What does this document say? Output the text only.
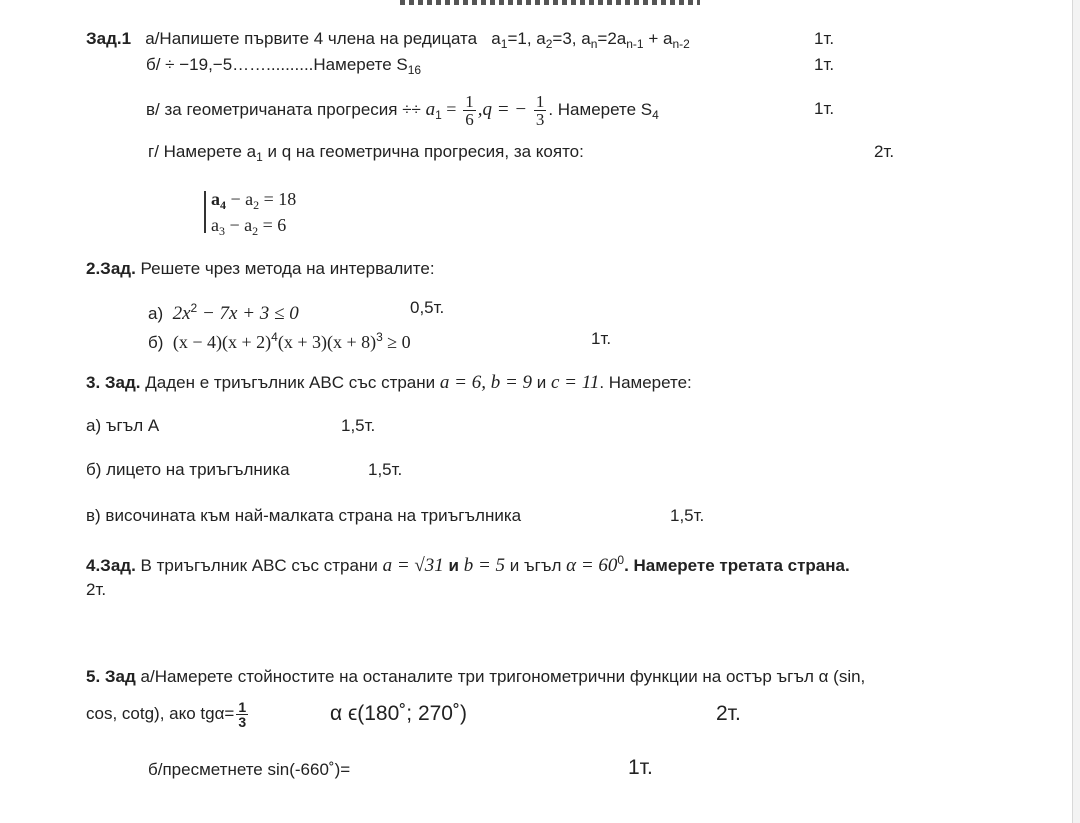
Зад.1 а/Напишете първите 4 члена на редицата $a_1=1$, $a_2=3$, $a_n=2a_{n-1} + a_{n-2}$	1т.
б/ ÷ −19,−5……..........Намерете $S_{16}$	1т.
в/ за геометричаната прогресия ÷÷ $a_1 = \frac{1}{6} ,q$ = − $\frac{1}{3}$ . Намерете $S_4$	1т.
г/ Намерете $a_1$ и q на геометрична прогресия, за която:	2т.
$a_4 - a_2 = 18$
$a_3 - a_2 = 6$
2.Зад. Решете чрез метода на интервалите:
а) $2x^2 - 7x + 3 \le 0$	0,5т.
б) $(x - 4)(x + 2)^4(x + 3)(x + 8)^3 \ge 0$	1т.
3. Зад. Даден е триъгълник ABC със страни a = 6, b = 9 и c = 11. Намерете:
а) ъгъл A	1,5т.
б) лицето на триъгълника	1,5т.
в) височината към най-малката страна на триъгълника	1,5т.
4.Зад. В триъгълник ABC със страни a = √31 и b = 5 и ъгъл $\alpha = 60^0$. Намерете третата страна.
2т.
5. Зад а/Намерете стойностите на останалите три тригонометрични функции на остър ъгъл α (sin,
cos, cotg), ако $tg\alpha= \frac{1}{3}$	α ϵ(180˚; 270˚)	2т.
б/пресметнете sin(-660˚)=	1т.
